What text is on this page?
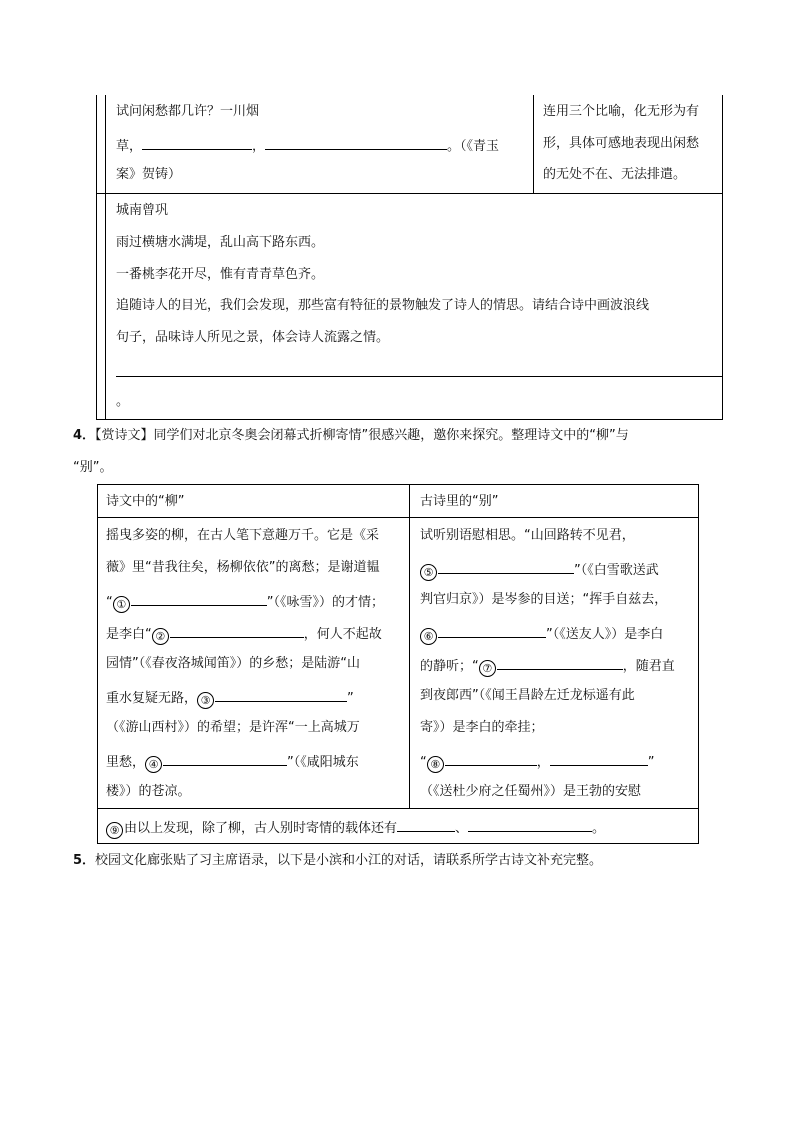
试问闲愁都几许？一川烟
草，	，	。（《青玉
案》贺铸）
连用三个比喻，化无形为有
形，具体可感地表现出闲愁
的无处不在、无法排遣。
城南曾巩
雨过横塘水满堤，乱山高下路东西。
一番桃李花开尽，惟有青青草色齐。
追随诗人的目光，我们会发现，那些富有特征的景物触发了诗人的情思。请结合诗中画波浪线
句子，品味诗人所见之景，体会诗人流露之情。
。
4．【赏诗文】同学们对北京冬奥会闭幕式折柳寄情”很感兴趣，邀你来探究。整理诗文中的“柳”与
“别”。
诗文中的“柳”	古诗里的“别”
摇曳多姿的柳，在古人笔下意趣万千。它是《采
薇》里“昔我往矣，杨柳依依”的离愁；是谢道韫
“ ①	”（《咏雪》）的才情；
是李白“ ②	，何人不起故
园情”（《春夜洛城闻笛》）的乡愁；是陆游“山
重水复疑无路， ③	”
（《游山西村》）的希望；是许浑“一上高城万
里愁， ④	”（《咸阳城东
楼》）的苍凉。
试听别语慰相思。“山回路转不见君，
⑤	”（《白雪歌送武
判官归京》）是岑参的目送；“挥手自兹去，
⑥	”（《送友人》）是李白
的静听；“ ⑦	，随君直
到夜郎西”（《闻王昌龄左迁龙标遥有此
寄》）是李白的牵挂；
“ ⑧	，	”
（《送杜少府之任蜀州》）是王勃的安慰
⑨ 由以上发现，除了柳，古人别时寄情的载体还有	、	。
5．校园文化廊张贴了习主席语录，以下是小滨和小江的对话，请联系所学古诗文补充完整。
